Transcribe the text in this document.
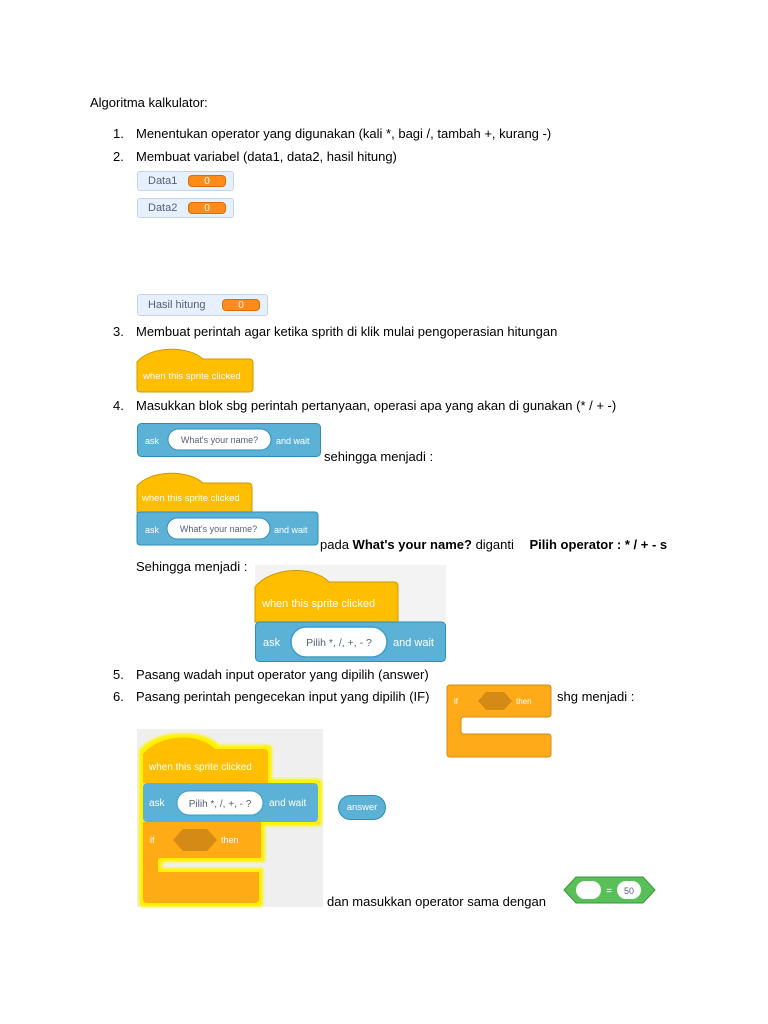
Algoritma kalkulator:
1. Menentukan operator yang digunakan (kali *, bagi /, tambah +, kurang -)
2. Membuat variabel (data1, data2, hasil hitung)
Data1	0
Data2	0
Hasil hitung	0
3. Membuat perintah agar ketika sprith di klik mulai pengoperasian hitungan
when this sprite clicked
4. Masukkan blok sbg perintah pertanyaan, operasi apa yang akan di gunakan (* / + -)
ask What's your name? and wait
sehingga menjadi :
when this sprite clicked
ask What's your name? and wait
pada What's your name? diganti Pilih operator : * / + - s
Sehingga menjadi :
when this sprite clicked
ask Pilih *, /, +, - ? and wait
5. Pasang wadah input operator yang dipilih (answer)
6. Pasang perintah pengecekan input yang dipilih (IF)	if	then shg menjadi :
when this sprite clicked
ask Pilih *, /, +, - ? and wait
if	then
answer
dan masukkan operator sama dengan
= 50
